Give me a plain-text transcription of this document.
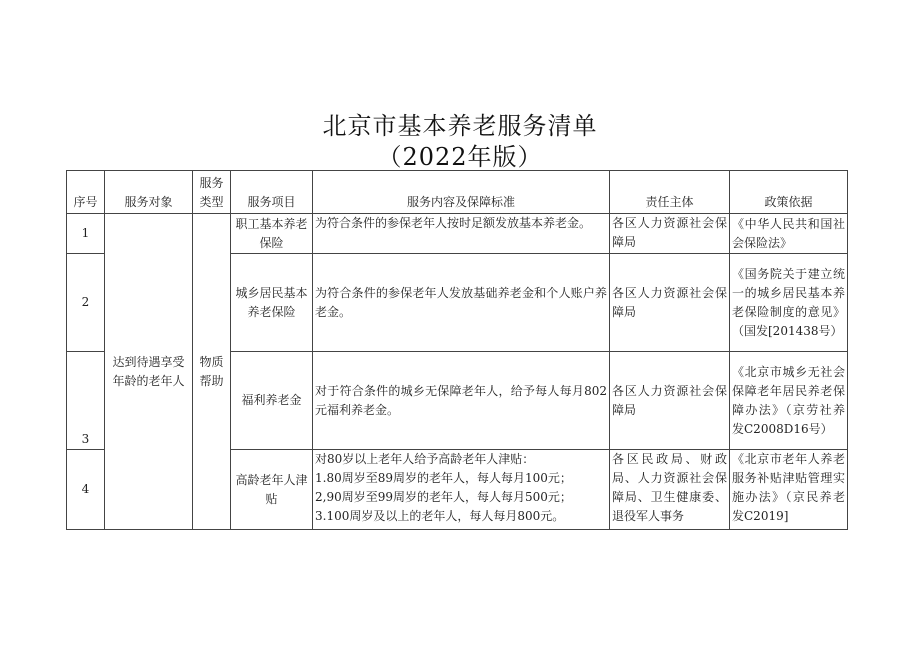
北京市基本养老服务清单
（2022年版）
序号	服务对象	服务类型	服务项目	服务内容及保障标准	责任主体	政策依据
1	达到待遇享受年龄的老年人	物质帮助	职工基本养老保险	为符合条件的参保老年人按时足额发放基本养老金。	各区人力资源社会保障局	《中华人民共和国社会保险法》
2			城乡居民基本养老保险	为符合条件的参保老年人发放基础养老金和个人账户养老金。	各区人力资源社会保障局	《国务院关于建立统一的城乡居民基本养老保险制度的意见》（国发[201438号）
3			福利养老金	对于符合条件的城乡无保障老年人，给予每人每月802元福利养老金。	各区人力资源社会保障局	《北京市城乡无社会保障老年居民养老保障办法》（京劳社养发C2008D16号）
4			高龄老年人津贴	对80岁以上老年人给予高龄老年人津贴：
1.80周岁至89周岁的老年人，每人每月100元；
2,90周岁至99周岁的老年人，每人每月500元；
3.100周岁及以上的老年人，每人每月800元。	各区民政局、财政局、人力资源社会保障局、卫生健康委、退役军人事务	《北京市老年人养老服务补贴津贴管理实施办法》（京民养老发C2019]
